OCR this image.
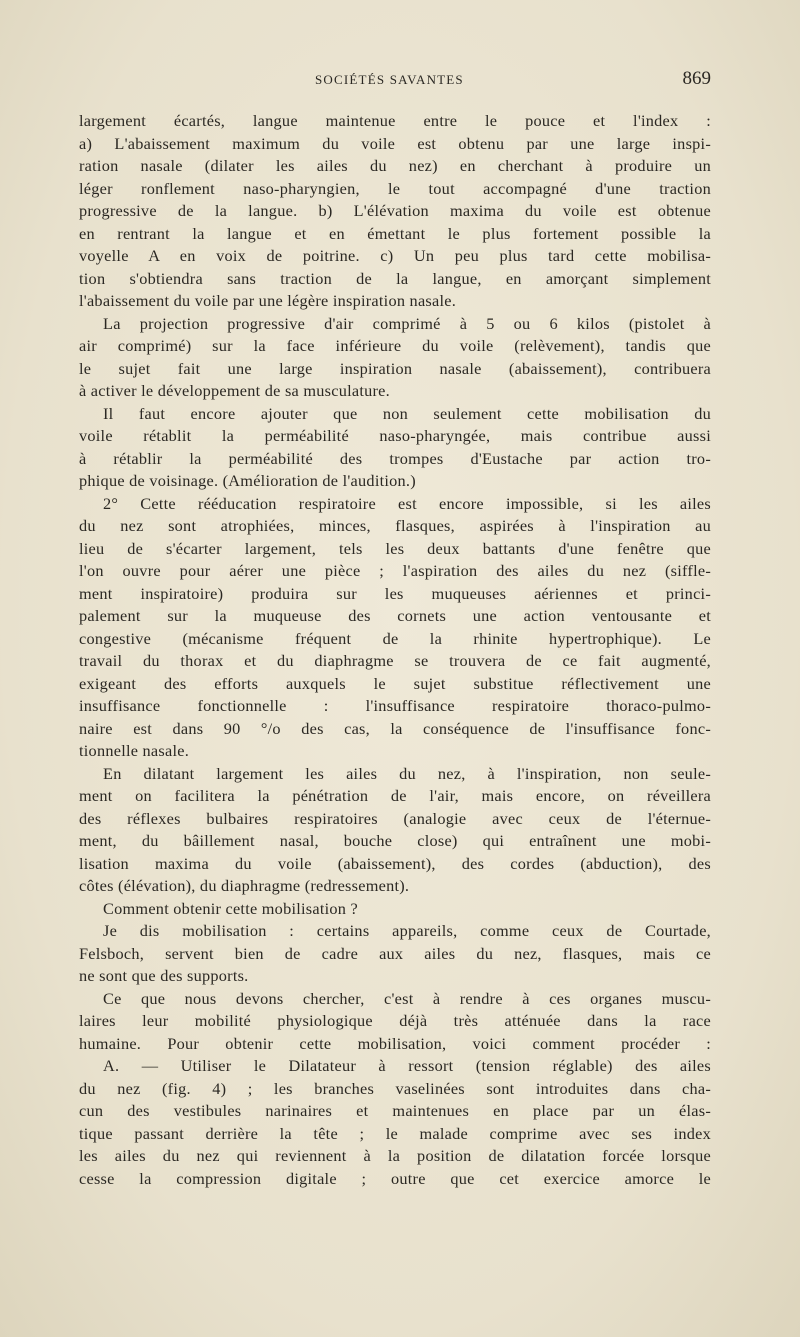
SOCIÉTÉS SAVANTES	869
largement écartés, langue maintenue entre le pouce et l'index :
a) L'abaissement maximum du voile est obtenu par une large inspi-
ration nasale (dilater les ailes du nez) en cherchant à produire un
léger ronflement naso-pharyngien, le tout accompagné d'une traction
progressive de la langue. b) L'élévation maxima du voile est obtenue
en rentrant la langue et en émettant le plus fortement possible la
voyelle A en voix de poitrine. c) Un peu plus tard cette mobilisa-
tion s'obtiendra sans traction de la langue, en amorçant simplement
l'abaissement du voile par une légère inspiration nasale.
La projection progressive d'air comprimé à 5 ou 6 kilos (pistolet à
air comprimé) sur la face inférieure du voile (relèvement), tandis que
le sujet fait une large inspiration nasale (abaissement), contribuera
à activer le développement de sa musculature.
Il faut encore ajouter que non seulement cette mobilisation du
voile rétablit la perméabilité naso-pharyngée, mais contribue aussi
à rétablir la perméabilité des trompes d'Eustache par action tro-
phique de voisinage. (Amélioration de l'audition.)
2° Cette rééducation respiratoire est encore impossible, si les ailes
du nez sont atrophiées, minces, flasques, aspirées à l'inspiration au
lieu de s'écarter largement, tels les deux battants d'une fenêtre que
l'on ouvre pour aérer une pièce ; l'aspiration des ailes du nez (siffle-
ment inspiratoire) produira sur les muqueuses aériennes et princi-
palement sur la muqueuse des cornets une action ventousante et
congestive (mécanisme fréquent de la rhinite hypertrophique). Le
travail du thorax et du diaphragme se trouvera de ce fait augmenté,
exigeant des efforts auxquels le sujet substitue réflectivement une
insuffisance fonctionnelle : l'insuffisance respiratoire thoraco-pulmo-
naire est dans 90 °/o des cas, la conséquence de l'insuffisance fonc-
tionnelle nasale.
En dilatant largement les ailes du nez, à l'inspiration, non seule-
ment on facilitera la pénétration de l'air, mais encore, on réveillera
des réflexes bulbaires respiratoires (analogie avec ceux de l'éternue-
ment, du bâillement nasal, bouche close) qui entraînent une mobi-
lisation maxima du voile (abaissement), des cordes (abduction), des
côtes (élévation), du diaphragme (redressement).
Comment obtenir cette mobilisation ?
Je dis mobilisation : certains appareils, comme ceux de Courtade,
Felsboch, servent bien de cadre aux ailes du nez, flasques, mais ce
ne sont que des supports.
Ce que nous devons chercher, c'est à rendre à ces organes muscu-
laires leur mobilité physiologique déjà très atténuée dans la race
humaine. Pour obtenir cette mobilisation, voici comment procéder :
A. — Utiliser le Dilatateur à ressort (tension réglable) des ailes
du nez (fig. 4) ; les branches vaselinées sont introduites dans cha-
cun des vestibules narinaires et maintenues en place par un élas-
tique passant derrière la tête ; le malade comprime avec ses index
les ailes du nez qui reviennent à la position de dilatation forcée lorsque
cesse la compression digitale ; outre que cet exercice amorce le
